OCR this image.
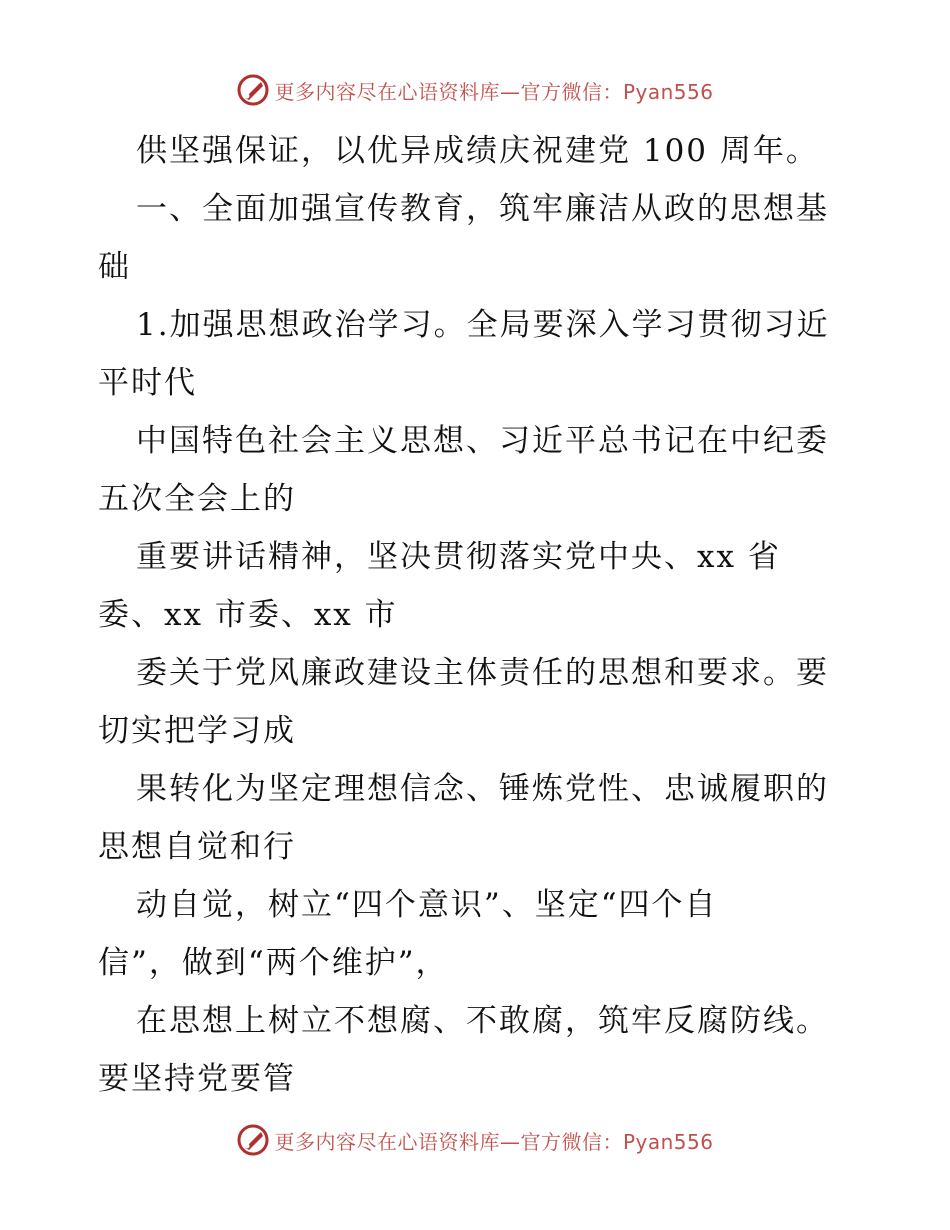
更多内容尽在心语资料库—官方微信：Pyan556
供坚强保证，以优异成绩庆祝建党 100 周年。
一、全面加强宣传教育，筑牢廉洁从政的思想基
础
1.加强思想政治学习。全局要深入学习贯彻习近
平时代
中国特色社会主义思想、习近平总书记在中纪委
五次全会上的
重要讲话精神，坚决贯彻落实党中央、xx 省
委、xx 市委、xx 市
委关于党风廉政建设主体责任的思想和要求。要
切实把学习成
果转化为坚定理想信念、锤炼党性、忠诚履职的
思想自觉和行
动自觉，树立“四个意识”、坚定“四个自
信”，做到“两个维护”，
在思想上树立不想腐、不敢腐，筑牢反腐防线。
要坚持党要管
更多内容尽在心语资料库—官方微信：Pyan556
